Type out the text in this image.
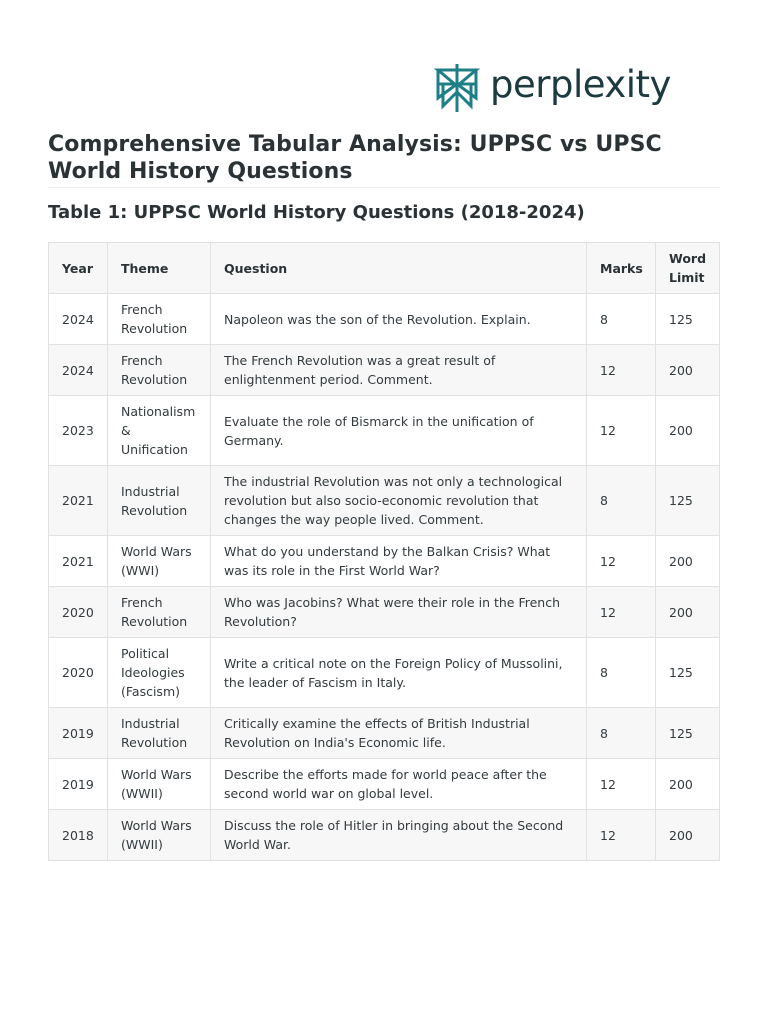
perplexity
Comprehensive Tabular Analysis: UPPSC vs UPSC World History Questions
Table 1: UPPSC World History Questions (2018-2024)
Year	Theme	Question	Marks	Word Limit
2024	French Revolution	Napoleon was the son of the Revolution. Explain.	8	125
2024	French Revolution	The French Revolution was a great result of enlightenment period. Comment.	12	200
2023	Nationalism & Unification	Evaluate the role of Bismarck in the unification of Germany.	12	200
2021	Industrial Revolution	The industrial Revolution was not only a technological revolution but also socio-economic revolution that changes the way people lived. Comment.	8	125
2021	World Wars (WWI)	What do you understand by the Balkan Crisis? What was its role in the First World War?	12	200
2020	French Revolution	Who was Jacobins? What were their role in the French Revolution?	12	200
2020	Political Ideologies (Fascism)	Write a critical note on the Foreign Policy of Mussolini, the leader of Fascism in Italy.	8	125
2019	Industrial Revolution	Critically examine the effects of British Industrial Revolution on India's Economic life.	8	125
2019	World Wars (WWII)	Describe the efforts made for world peace after the second world war on global level.	12	200
2018	World Wars (WWII)	Discuss the role of Hitler in bringing about the Second World War.	12	200
